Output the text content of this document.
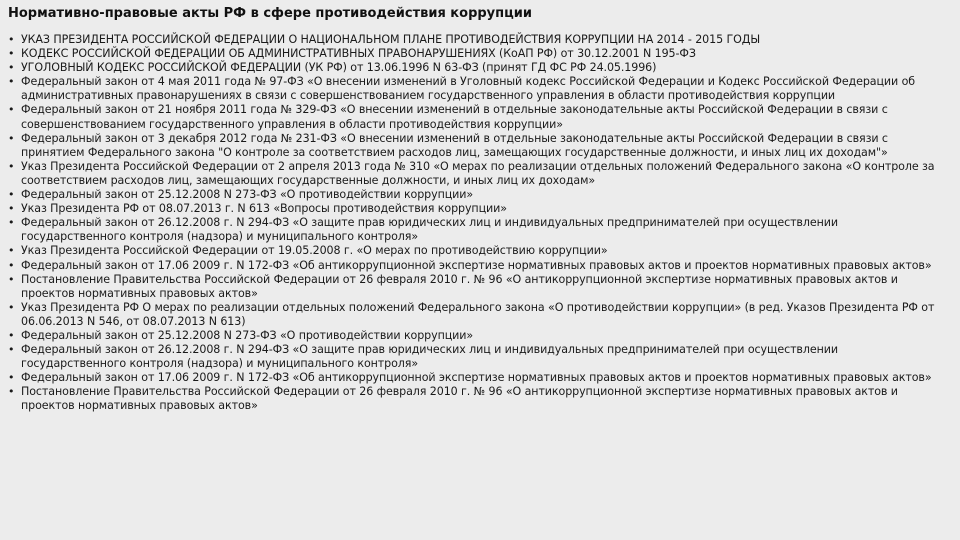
Нормативно-правовые акты РФ в сфере противодействия коррупции
• УКАЗ ПРЕЗИДЕНТА РОССИЙСКОЙ ФЕДЕРАЦИИ О НАЦИОНАЛЬНОМ ПЛАНЕ ПРОТИВОДЕЙСТВИЯ КОРРУПЦИИ НА 2014 - 2015 ГОДЫ
• КОДЕКС РОССИЙСКОЙ ФЕДЕРАЦИИ ОБ АДМИНИСТРАТИВНЫХ ПРАВОНАРУШЕНИЯХ (КоАП РФ) от 30.12.2001 N 195-ФЗ
• УГОЛОВНЫЙ КОДЕКС РОССИЙСКОЙ ФЕДЕРАЦИИ (УК РФ) от 13.06.1996 N 63-ФЗ (принят ГД ФС РФ 24.05.1996)
• Федеральный закон от 4 мая 2011 года № 97-ФЗ «О внесении изменений в Уголовный кодекс Российской Федерации и Кодекс Российской Федерации об административных правонарушениях в связи с совершенствованием государственного управления в области противодействия коррупции
• Федеральный закон от 21 ноября 2011 года № 329-ФЗ «О внесении изменений в отдельные законодательные акты Российской Федерации в связи с совершенствованием государственного управления в области противодействия коррупции»
• Федеральный закон от 3 декабря 2012 года № 231-ФЗ «О внесении изменений в отдельные законодательные акты Российской Федерации в связи с принятием Федерального закона "О контроле за соответствием расходов лиц, замещающих государственные должности, и иных лиц их доходам"»
• Указ Президента Российской Федерации от 2 апреля 2013 года № 310 «О мерах по реализации отдельных положений Федерального закона «О контроле за соответствием расходов лиц, замещающих государственные должности, и иных лиц их доходам»
• Федеральный закон от 25.12.2008 N 273-ФЗ «О противодействии коррупции»
• Указ Президента РФ от 08.07.2013 г. N 613 «Вопросы противодействия коррупции»
• Федеральный закон от 26.12.2008 г. N 294-ФЗ «О защите прав юридических лиц и индивидуальных предпринимателей при осуществлении государственного контроля (надзора) и муниципального контроля»
• Указ Президента Российской Федерации от 19.05.2008 г. «О мерах по противодействию коррупции»
• Федеральный закон от 17.06 2009 г. N 172-ФЗ «Об антикоррупционной экспертизе нормативных правовых актов и проектов нормативных правовых актов»
• Постановление Правительства Российской Федерации от 26 февраля 2010 г. № 96 «О антикоррупционной экспертизе нормативных правовых актов и проектов нормативных правовых актов»
• Указ Президента РФ О мерах по реализации отдельных положений Федерального закона «О противодействии коррупции» (в ред. Указов Президента РФ от 06.06.2013 N 546, от 08.07.2013 N 613)
• Федеральный закон от 25.12.2008 N 273-ФЗ «О противодействии коррупции»
• Федеральный закон от 26.12.2008 г. N 294-ФЗ «О защите прав юридических лиц и индивидуальных предпринимателей при осуществлении государственного контроля (надзора) и муниципального контроля»
• Федеральный закон от 17.06 2009 г. N 172-ФЗ «Об антикоррупционной экспертизе нормативных правовых актов и проектов нормативных правовых актов»
• Постановление Правительства Российской Федерации от 26 февраля 2010 г. № 96 «О антикоррупционной экспертизе нормативных правовых актов и проектов нормативных правовых актов»
